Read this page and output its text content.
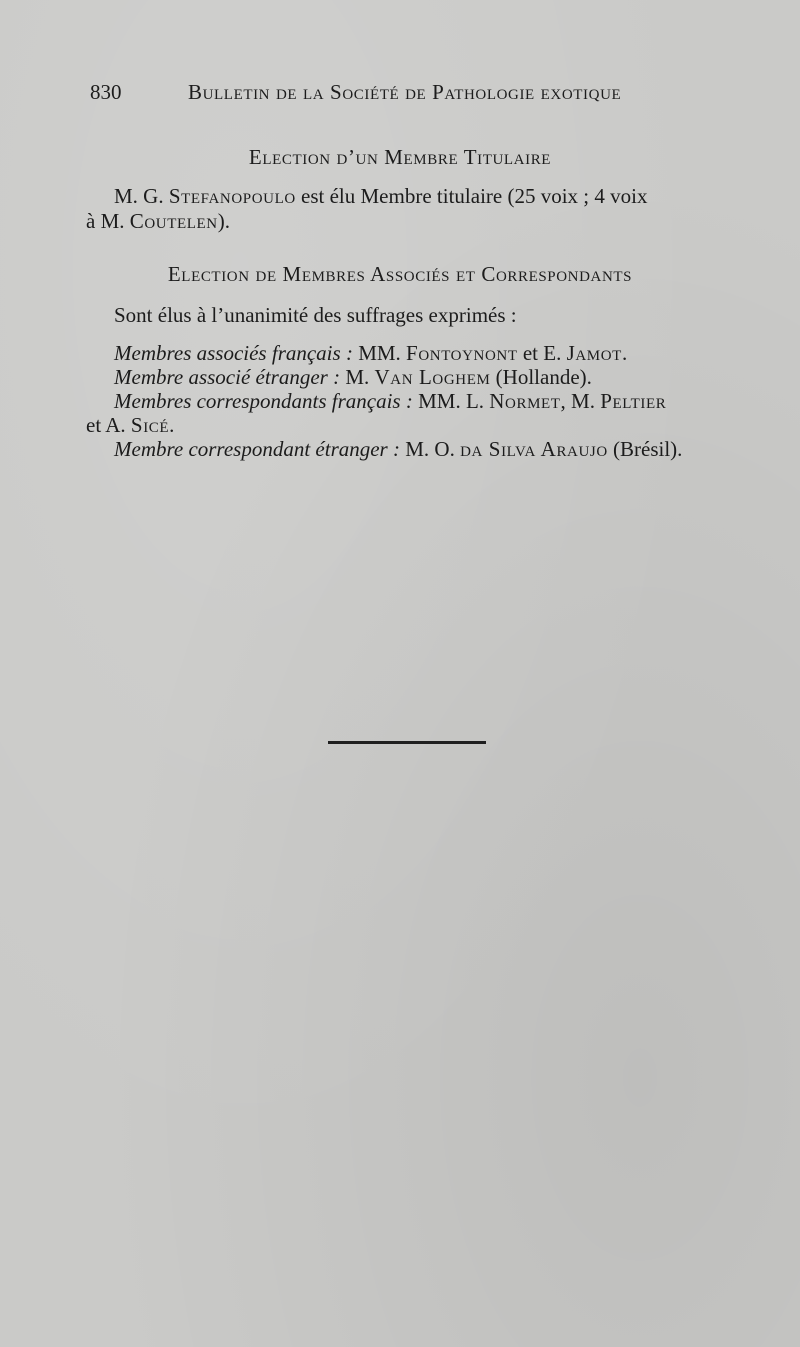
830	Bulletin de la Société de Pathologie exotique
Election d’un Membre Titulaire
M. G. Stefanopoulo est élu Membre titulaire (25 voix ; 4 voix
à M. Coutelen).
Election de Membres Associés et Correspondants
Sont élus à l’unanimité des suffrages exprimés :
Membres associés français : MM. Fontoynont et E. Jamot.
Membre associé étranger : M. Van Loghem (Hollande).
Membres correspondants français : MM. L. Normet, M. Peltier
et A. Sicé.
Membre correspondant étranger : M. O. da Silva Araujo (Brésil).
